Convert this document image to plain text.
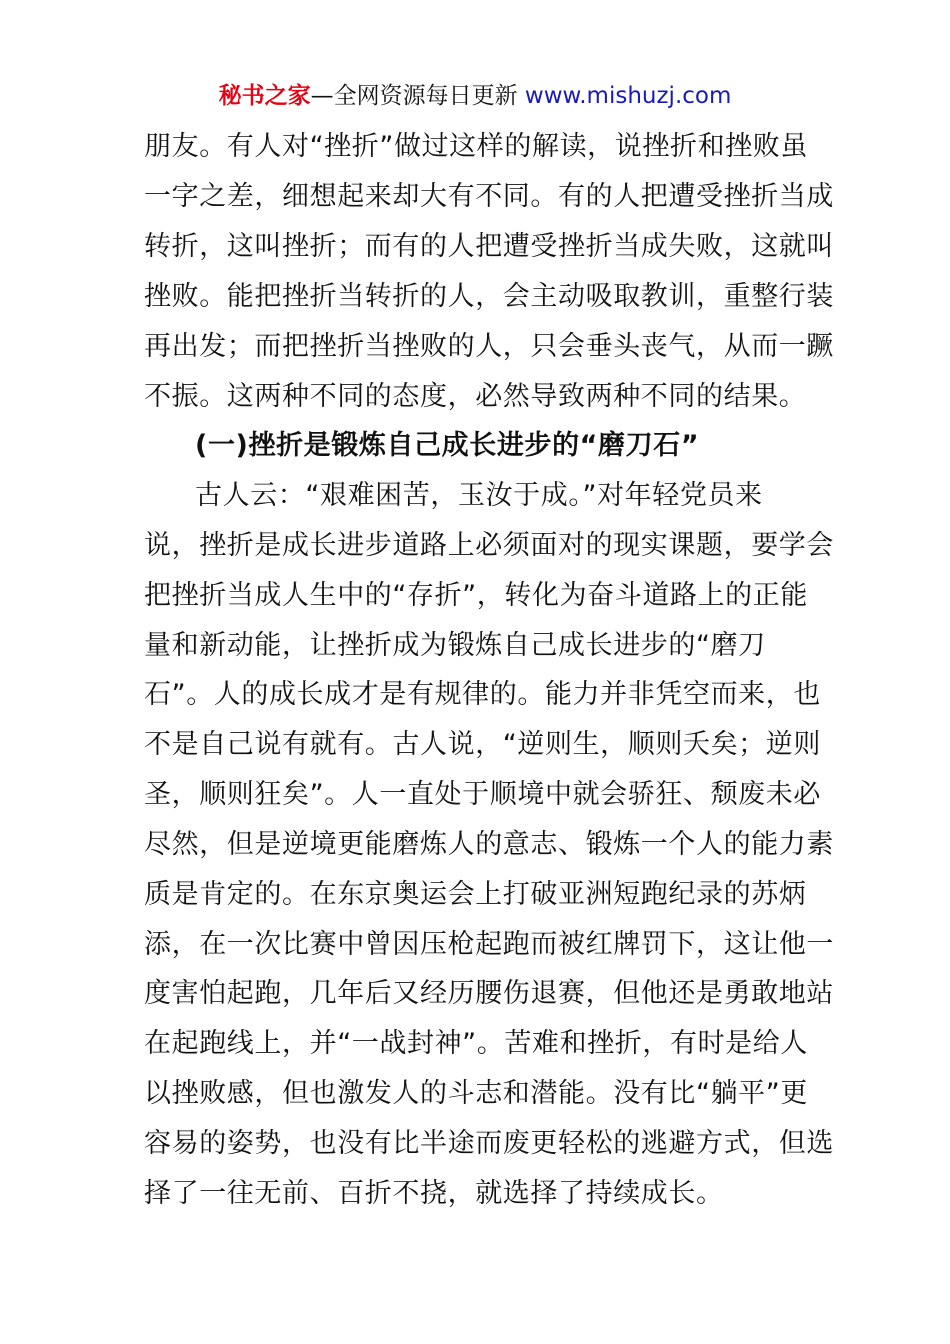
秘书之家—全网资源每日更新 www.mishuzj.com
朋友。有人对“挫折”做过这样的解读，说挫折和挫败虽
一字之差，细想起来却大有不同。有的人把遭受挫折当成
转折，这叫挫折；而有的人把遭受挫折当成失败，这就叫
挫败。能把挫折当转折的人，会主动吸取教训，重整行装
再出发；而把挫折当挫败的人，只会垂头丧气，从而一蹶
不振。这两种不同的态度，必然导致两种不同的结果。
(一)挫折是锻炼自己成长进步的“磨刀石”
古人云：“艰难困苦，玉汝于成。”对年轻党员来
说，挫折是成长进步道路上必须面对的现实课题，要学会
把挫折当成人生中的“存折”，转化为奋斗道路上的正能
量和新动能，让挫折成为锻炼自己成长进步的“磨刀
石”。人的成长成才是有规律的。能力并非凭空而来，也
不是自己说有就有。古人说，“逆则生，顺则夭矣；逆则
圣，顺则狂矣”。人一直处于顺境中就会骄狂、颓废未必
尽然，但是逆境更能磨炼人的意志、锻炼一个人的能力素
质是肯定的。在东京奥运会上打破亚洲短跑纪录的苏炳
添，在一次比赛中曾因压枪起跑而被红牌罚下，这让他一
度害怕起跑，几年后又经历腰伤退赛，但他还是勇敢地站
在起跑线上，并“一战封神”。苦难和挫折，有时是给人
以挫败感，但也激发人的斗志和潜能。没有比“躺平”更
容易的姿势，也没有比半途而废更轻松的逃避方式，但选
择了一往无前、百折不挠，就选择了持续成长。
